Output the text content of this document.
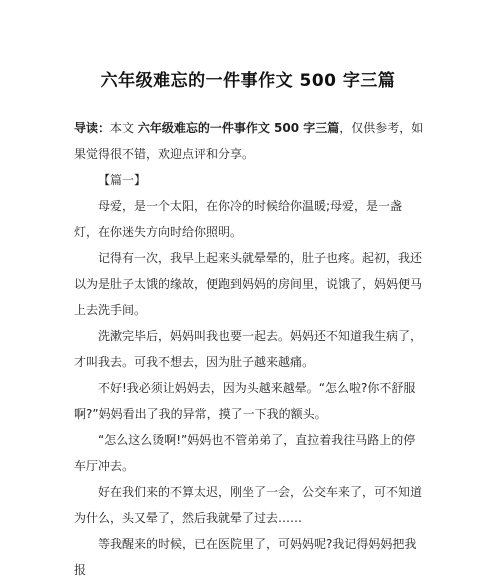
六年级难忘的一件事作文 500 字三篇

导读：本文 六年级难忘的一件事作文 500 字三篇，仅供参考，如果觉得很不错，欢迎点评和分享。

【篇一】

母爱，是一个太阳，在你冷的时候给你温暖;母爱，是一盏灯，在你迷失方向时给你照明。

记得有一次，我早上起来头就晕晕的，肚子也疼。起初，我还以为是肚子太饿的缘故，便跑到妈妈的房间里，说饿了，妈妈便马上去洗手间。

洗漱完毕后，妈妈叫我也要一起去。妈妈还不知道我生病了，才叫我去。可我不想去，因为肚子越来越痛。

不好!我必须让妈妈去，因为头越来越晕。“怎么啦?你不舒服啊?”妈妈看出了我的异常，摸了一下我的额头。

“怎么这么烫啊!”妈妈也不管弟弟了，直拉着我往马路上的停车厅冲去。

好在我们来的不算太迟，刚坐了一会，公交车来了，可不知道为什么，头又晕了，然后我就晕了过去……

等我醒来的时候，已在医院里了，可妈妈呢?我记得妈妈把我报
